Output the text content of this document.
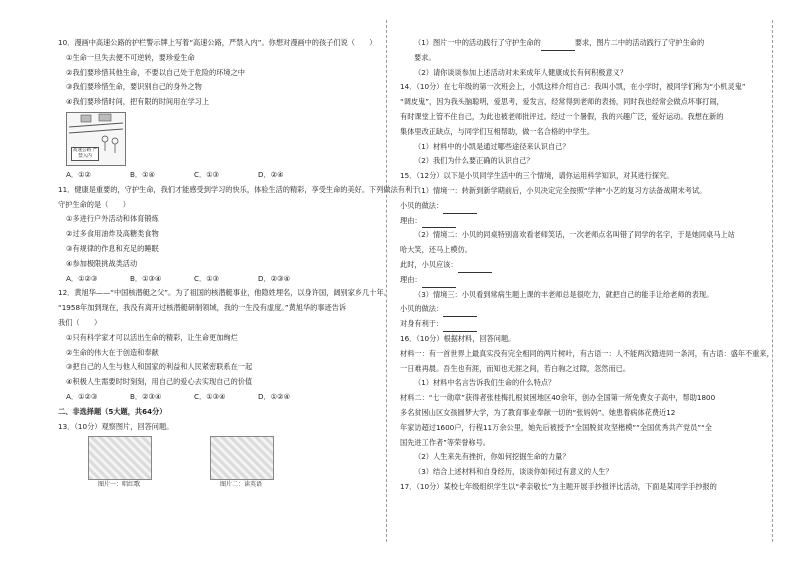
10．漫画中高速公路的护栏警示牌上写着“高速公路，严禁入内”。你想对漫画中的孩子们说（　　）
①生命一旦失去便不可逆转，要珍爱生命
②我们要珍惜其他生命，不要以自己处于危险的环境之中
③我们要珍惜生命，要识别自己的身外之物
④我们要珍惜时间，把有限的时间用在学习上
高速公路 严禁入内
A．①②	B．①④	C．①③	D．②④
11．健康是重要的，守护生命，我们才能感受到学习的快乐，体验生活的精彩，享受生命的美好。下列做法有利于
守护生命的是（　　）
①多进行户外活动和体育锻炼
②过多食用油炸及高糖类食物
③有规律的作息和充足的睡眠
④参加极限挑战类活动
A．①②③	B．①③④	C．①③	D．②③④
12．黄旭华——“中国核潜艇之父”。为了祖国的核潜艇事业，他隐姓埋名，以身许国，阔别家乡几十年。
“1958年加到现在，我没有离开过核潜艇研制领域，我的一生没有虚度。”黄旭华的事迹告诉
我们（　　）
①只有科学家才可以活出生命的精彩，让生命更加绚烂
②生命的伟大在于创造和奉献
③把自己的人生与他人和国家的利益和人民紧密联系在一起
④积极人生需要时时刻刻，用自己的爱心去实现自己的价值
A．①②③	B．②③④	C．①③④	D．①②④
二、非选择题（5大题，共64分）
13．（10分）观察图片，回答问题。
图片一：唱红歌	图片二：读英语
（1）图片一中的活动践行了守护生命的	要求，图片二中的活动践行了守护生命的
要求。
（2）请你谈谈参加上述活动对未来成年人健康成长有何积极意义？
14．（10分）在七年级的第一次班会上，小凯这样介绍自己：我叫小凯，在小学时，被同学们称为“小机灵鬼”
“调皮鬼”，因为我头脑聪明，爱思考，爱发言，经常得到老师的表扬，同时我也经常会做点坏事打闹，
有时课堂上管不住自己，为此也被老师批评过。经过一个暑假，我的兴趣广泛，爱好运动。我想在新的
集体里改正缺点，与同学们互相帮助，做一名合格的中学生。
（1）材料中的小凯是通过哪些途径来认识自己？
（2）我们为什么要正确的认识自己？
15．（12分）以下是小贝同学生活中的三个情境，请你运用科学知识，对其进行探究。
（1）情境一：转新到新学期前后，小贝决定完全按照“学神”小艺的复习方法备战期末考试。
小贝的做法：
理由：
（2）情境二：小贝的同桌特别喜欢看老师笑话，一次老师点名叫错了同学的名字，于是她同桌马上站
哈大笑，还马上模仿。
此时，小贝应该：
理由：
（3）情境三：小贝看到常病生题上课的丰老师总是很吃力，就把自己的能手让给老师的表现。
小贝的做法：
对身有利于：
16．（10分）根据材料，回答问题。
材料一：有一首世界上最真实没有完全相同的两片树叶，有古语一：人不能两次踏进同一条河，有古语：盛年不重来，
一日难再晨。吾生也有涯，而知也无涯之间，若白驹之过隙，忽然而已。
（1）材料中名言告诉我们生命的什么特点？
材料二：“七一勋章”获得者张桂梅扎根贫困地区40余年，创办全国第一所免费女子高中，帮助1800
多名贫困山区女孩圆梦大学，为了教育事业奉献一切的“张妈妈”。她患着病体花费近12
年家访超过1600户，行程11万余公里，她先后被授予“全国脱贫攻坚楷模”“全国优秀共产党员”“全
国先进工作者”等荣誉称号。
（2）人生来先有挫折，你如何挖掘生命的力量？
（3）结合上述材料和自身经历，谈谈你如何过有意义的人生？
17．（10分）某校七年级组织学生以“孝亲敬长”为主题开展手抄报评比活动，下面是某同学手抄报的
